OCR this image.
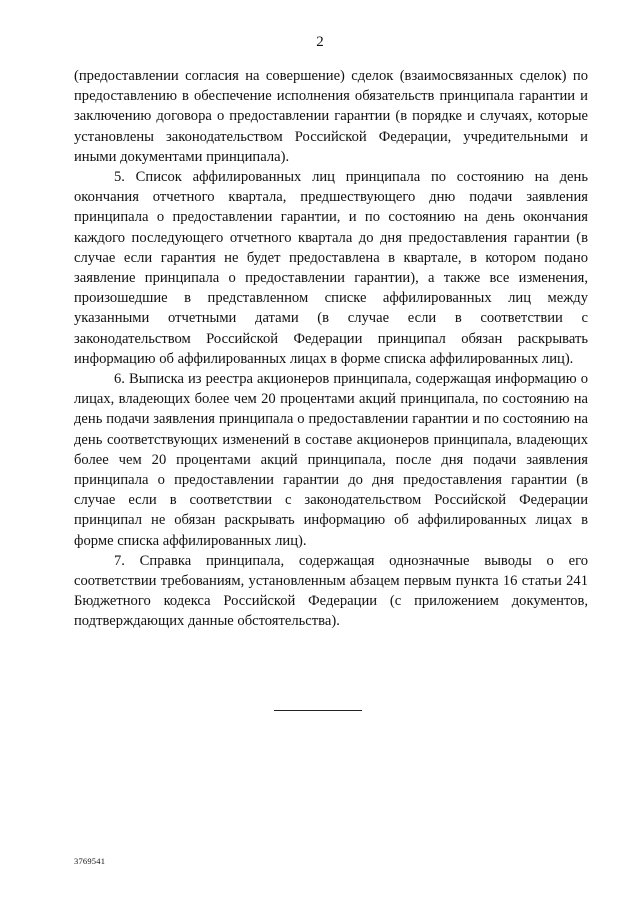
2

(предоставлении согласия на совершение) сделок (взаимосвязанных сделок) по предоставлению в обеспечение исполнения обязательств принципала гарантии и заключению договора о предоставлении гарантии (в порядке и случаях, которые установлены законодательством Российской Федерации, учредительными и иными документами принципала).

5. Список аффилированных лиц принципала по состоянию на день окончания отчетного квартала, предшествующего дню подачи заявления принципала о предоставлении гарантии, и по состоянию на день окончания каждого последующего отчетного квартала до дня предоставления гарантии (в случае если гарантия не будет предоставлена в квартале, в котором подано заявление принципала о предоставлении гарантии), а также все изменения, произошедшие в представленном списке аффилированных лиц между указанными отчетными датами (в случае если в соответствии с законодательством Российской Федерации принципал обязан раскрывать информацию об аффилированных лицах в форме списка аффилированных лиц).

6. Выписка из реестра акционеров принципала, содержащая информацию о лицах, владеющих более чем 20 процентами акций принципала, по состоянию на день подачи заявления принципала о предоставлении гарантии и по состоянию на день соответствующих изменений в составе акционеров принципала, владеющих более чем 20 процентами акций принципала, после дня подачи заявления принципала о предоставлении гарантии до дня предоставления гарантии (в случае если в соответствии с законодательством Российской Федерации принципал не обязан раскрывать информацию об аффилированных лицах в форме списка аффилированных лиц).

7. Справка принципала, содержащая однозначные выводы о его соответствии требованиям, установленным абзацем первым пункта 16 статьи 241 Бюджетного кодекса Российской Федерации (с приложением документов, подтверждающих данные обстоятельства).

3769541
